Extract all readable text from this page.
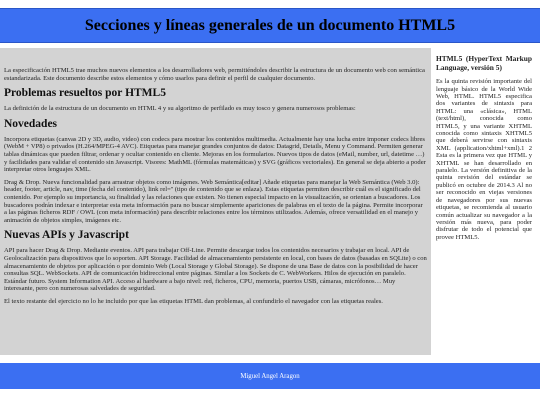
Secciones y líneas generales de un documento HTML5

La especificación HTML5 trae muchos nuevos elementos a los desarrolladores web, permitiéndoles describir la estructura de un documento web con semántica estandarizada. Este documento describe estos elementos y cómo usarlos para definir el perfil de cualquier documento.

Problemas resueltos por HTML5

La definición de la estructura de un documento en HTML 4 y su algoritmo de perfilado es muy tosco y genera numerosos problemas:

Novedades

Incorpora etiquetas (canvas 2D y 3D, audio, video) con codecs para mostrar los contenidos multimedia. Actualmente hay una lucha entre imponer codecs libres (WebM + VP8) o privados (H.264/MPEG-4 AVC). Etiquetas para manejar grandes conjuntos de datos: Datagrid, Details, Menu y Command. Permiten generar tablas dinámicas que pueden filtrar, ordenar y ocultar contenido en cliente. Mejoras en los formularios. Nuevos tipos de datos (eMail, number, url, datetime …) y facilidades para validar el contenido sin Javascript. Visores: MathML (fórmulas matemáticas) y SVG (gráficos vectoriales). En general se deja abierto a poder interpretar otros lenguajes XML.

Drag & Drop. Nueva funcionalidad para arrastrar objetos como imágenes. Web Semántica[editar] Añade etiquetas para manejar la Web Semántica (Web 3.0): header, footer, article, nav, time (fecha del contenido), link rel='' (tipo de contenido que se enlaza). Estas etiquetas permiten describir cuál es el significado del contenido. Por ejemplo su importancia, su finalidad y las relaciones que existen. No tienen especial impacto en la visualización, se orientan a buscadores. Los buscadores podrán indexar e interpretar esta meta información para no buscar simplemente apariciones de palabras en el texto de la página. Permite incorporar a las páginas ficheros RDF / OWL (con meta información) para describir relaciones entre los términos utilizados. Además, ofrece versatilidad en el manejo y animación de objetos simples, imágenes etc.

Nuevas APIs y Javascript

API para hacer Drag & Drop. Mediante eventos. API para trabajar Off-Line. Permite descargar todos los contenidos necesarios y trabajar en local. API de Geolocalización para dispositivos que lo soporten. API Storage. Facilidad de almacenamiento persistente en local, con bases de datos (basadas en SQLite) o con almacenamiento de objetos por aplicación o por dominio Web (Local Storage y Global Storage). Se dispone de una Base de datos con la posibilidad de hacer consultas SQL. WebSockets. API de comunicación bidireccional entre páginas. Similar a los Sockets de C. WebWorkers. Hilos de ejecución en paralelo. Estándar futuro. System Information API. Acceso al hardware a bajo nivel: red, ficheros, CPU, memoria, puertos USB, cámaras, micrófonos… Muy interesante, pero con numerosas salvedades de seguridad.

El texto restante del ejercicio no lo he incluido por que las etiquetas HTML dan problemas, al confundirlo el navegador con las etiquetas reales.

HTML5 (HyperText Markup Language, versión 5)

Es la quinta revisión importante del lenguaje básico de la World Wide Web, HTML. HTML5 especifica dos variantes de sintaxis para HTML: una «clásica», HTML (text/html), conocida como HTML5, y una variante XHTML conocida como sintaxis XHTML5 que deberá servirse con sintaxis XML (application/xhtml+xml).1 2 Esta es la primera vez que HTML y XHTML se han desarrollado en paralelo. La versión definitiva de la quinta revisión del estándar se publicó en octubre de 2014.3 Al no ser reconocido en viejas versiones de navegadores por sus nuevas etiquetas, se recomienda al usuario común actualizar su navegador a la versión más nueva, para poder disfrutar de todo el potencial que provee HTML5.

Miguel Angel Aragon
